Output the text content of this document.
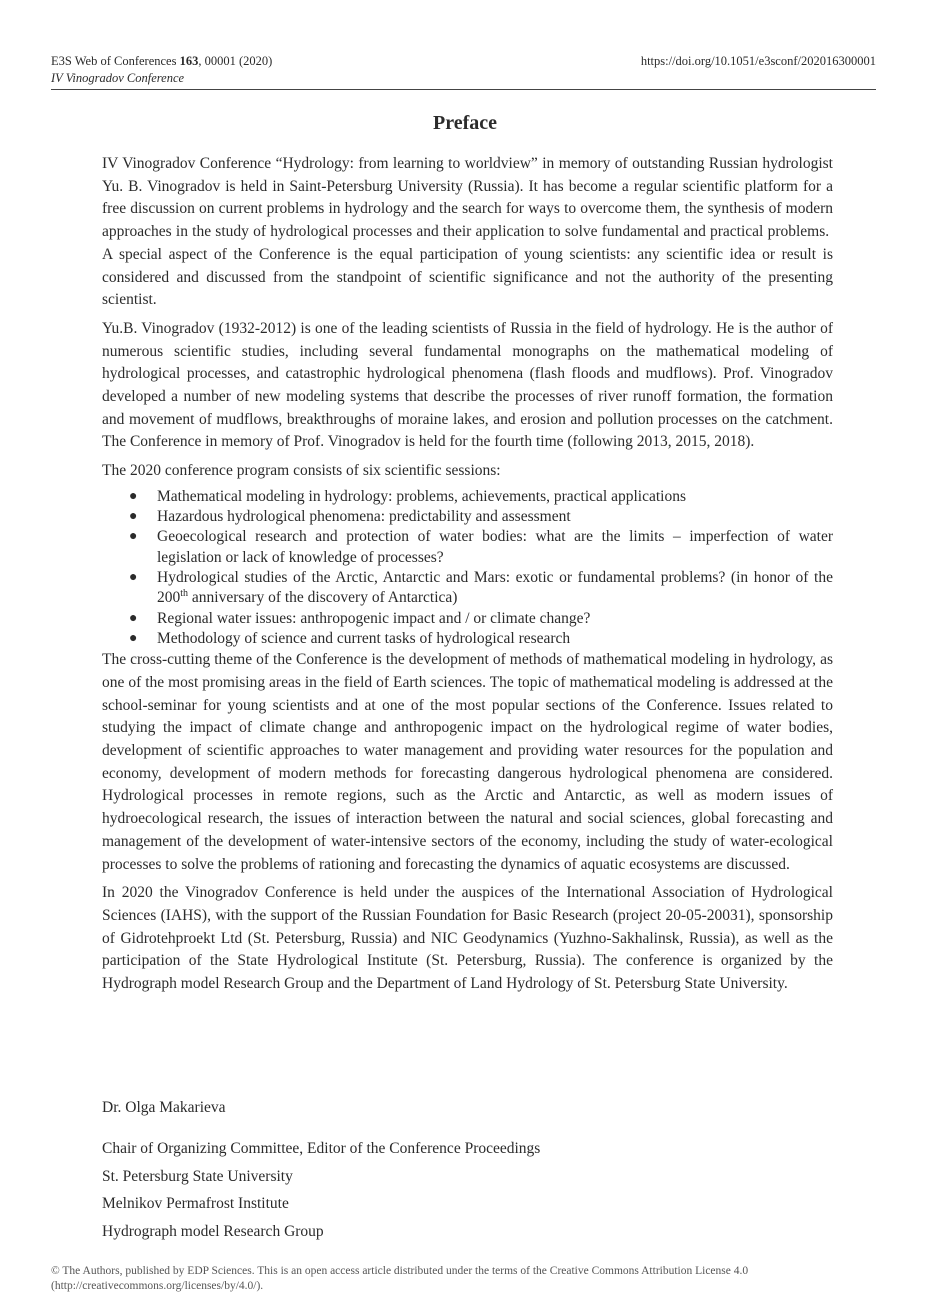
E3S Web of Conferences 163, 00001 (2020)
IV Vinogradov Conference
https://doi.org/10.1051/e3sconf/202016300001
Preface

IV Vinogradov Conference “Hydrology: from learning to worldview” in memory of outstanding Russian hydrologist Yu. B. Vinogradov is held in Saint-Petersburg University (Russia). It has become a regular scientific platform for a free discussion on current problems in hydrology and the search for ways to overcome them, the synthesis of modern approaches in the study of hydrological processes and their application to solve fundamental and practical problems.  A special aspect of the Conference is the equal participation of young scientists: any scientific idea or result is considered and discussed from the standpoint of scientific significance and not the authority of the presenting scientist.

Yu.B. Vinogradov (1932-2012) is one of the leading scientists of Russia in the field of hydrology. He is the author of numerous scientific studies, including several fundamental monographs on the mathematical modeling of hydrological processes, and catastrophic hydrological phenomena (flash floods and mudflows). Prof. Vinogradov developed a number of new modeling systems that describe the processes of river runoff formation, the formation and movement of mudflows, breakthroughs of moraine lakes, and erosion and pollution processes on the catchment. The Conference in memory of Prof. Vinogradov is held for the fourth time (following 2013, 2015, 2018).

The 2020 conference program consists of six scientific sessions:

● Mathematical modeling in hydrology: problems, achievements, practical applications
● Hazardous hydrological phenomena: predictability and assessment
● Geoecological research and protection of water bodies: what are the limits – imperfection of water legislation or lack of knowledge of processes?
● Hydrological studies of the Arctic, Antarctic and Mars: exotic or fundamental problems? (in honor of the 200th anniversary of the discovery of Antarctica)
● Regional water issues: anthropogenic impact and / or climate change?
● Methodology of science and current tasks of hydrological research

The cross-cutting theme of the Conference is the development of methods of mathematical modeling in hydrology, as one of the most promising areas in the field of Earth sciences. The topic of mathematical modeling is addressed at the school-seminar for young scientists and at one of the most popular sections of the Conference. Issues related to studying the impact of climate change and anthropogenic impact on the hydrological regime of water bodies, development of scientific approaches to water management and providing water resources for the population and economy, development of modern methods for forecasting dangerous hydrological phenomena are considered. Hydrological processes in remote regions, such as the Arctic and Antarctic, as well as modern issues of hydroecological research, the issues of interaction between the natural and social sciences, global forecasting and management of the development of water-intensive sectors of the economy, including the study of water-ecological processes to solve the problems of rationing and forecasting the dynamics of aquatic ecosystems are discussed.

In 2020 the Vinogradov Conference is held under the auspices of the International Association of Hydrological Sciences (IAHS), with the support of the Russian Foundation for Basic Research (project 20-05-20031), sponsorship of Gidrotehproekt Ltd (St. Petersburg, Russia) and NIC Geodynamics (Yuzhno-Sakhalinsk, Russia), as well as the participation of the State Hydrological Institute (St. Petersburg, Russia). The conference is organized by the Hydrograph model Research Group and the Department of Land Hydrology of St. Petersburg State University.

Dr. Olga Makarieva
Chair of Organizing Committee, Editor of the Conference Proceedings
St. Petersburg State University
Melnikov Permafrost Institute
Hydrograph model Research Group
© The Authors, published by EDP Sciences. This is an open access article distributed under the terms of the Creative Commons Attribution License 4.0
(http://creativecommons.org/licenses/by/4.0/).
